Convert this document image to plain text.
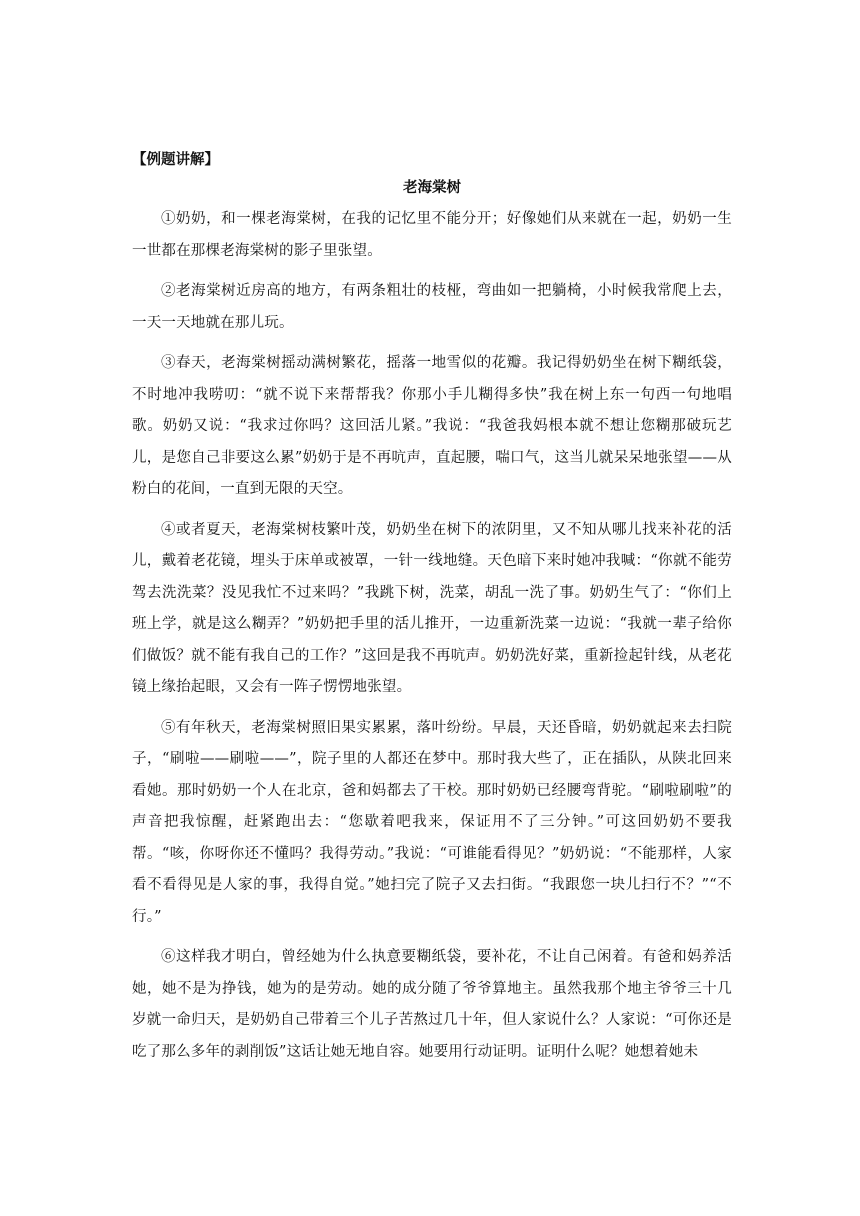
【例题讲解】
老海棠树

①奶奶，和一棵老海棠树，在我的记忆里不能分开；好像她们从来就在一起，奶奶一生一世都在那棵老海棠树的影子里张望。

②老海棠树近房高的地方，有两条粗壮的枝桠，弯曲如一把躺椅，小时候我常爬上去，一天一天地就在那儿玩。

③春天，老海棠树摇动满树繁花，摇落一地雪似的花瓣。我记得奶奶坐在树下糊纸袋，不时地冲我唠叨：“就不说下来帮帮我？你那小手儿糊得多快”我在树上东一句西一句地唱歌。奶奶又说：“我求过你吗？这回活儿紧。”我说：“我爸我妈根本就不想让您糊那破玩艺儿，是您自己非要这么累”奶奶于是不再吭声，直起腰，喘口气，这当儿就呆呆地张望——从粉白的花间，一直到无限的天空。

④或者夏天，老海棠树枝繁叶茂，奶奶坐在树下的浓阴里，又不知从哪儿找来补花的活儿，戴着老花镜，埋头于床单或被罩，一针一线地缝。天色暗下来时她冲我喊：“你就不能劳驾去洗洗菜？没见我忙不过来吗？”我跳下树，洗菜，胡乱一洗了事。奶奶生气了：“你们上班上学，就是这么糊弄？”奶奶把手里的活儿推开，一边重新洗菜一边说：“我就一辈子给你们做饭？就不能有我自己的工作？”这回是我不再吭声。奶奶洗好菜，重新捡起针线，从老花镜上缘抬起眼，又会有一阵子愣愣地张望。

⑤有年秋天，老海棠树照旧果实累累，落叶纷纷。早晨，天还昏暗，奶奶就起来去扫院子，“刷啦——刷啦——”，院子里的人都还在梦中。那时我大些了，正在插队，从陕北回来看她。那时奶奶一个人在北京，爸和妈都去了干校。那时奶奶已经腰弯背驼。“刷啦刷啦”的声音把我惊醒，赶紧跑出去：“您歇着吧我来，保证用不了三分钟。”可这回奶奶不要我帮。“咳，你呀你还不懂吗？我得劳动。”我说：“可谁能看得见？”奶奶说：“不能那样，人家看不看得见是人家的事，我得自觉。”她扫完了院子又去扫街。“我跟您一块儿扫行不？”“不行。”

⑥这样我才明白，曾经她为什么执意要糊纸袋，要补花，不让自己闲着。有爸和妈养活她，她不是为挣钱，她为的是劳动。她的成分随了爷爷算地主。虽然我那个地主爷爷三十几岁就一命归天，是奶奶自己带着三个儿子苦熬过几十年，但人家说什么？人家说：“可你还是吃了那么多年的剥削饭”这话让她无地自容。她要用行动证明。证明什么呢？她想着她未
